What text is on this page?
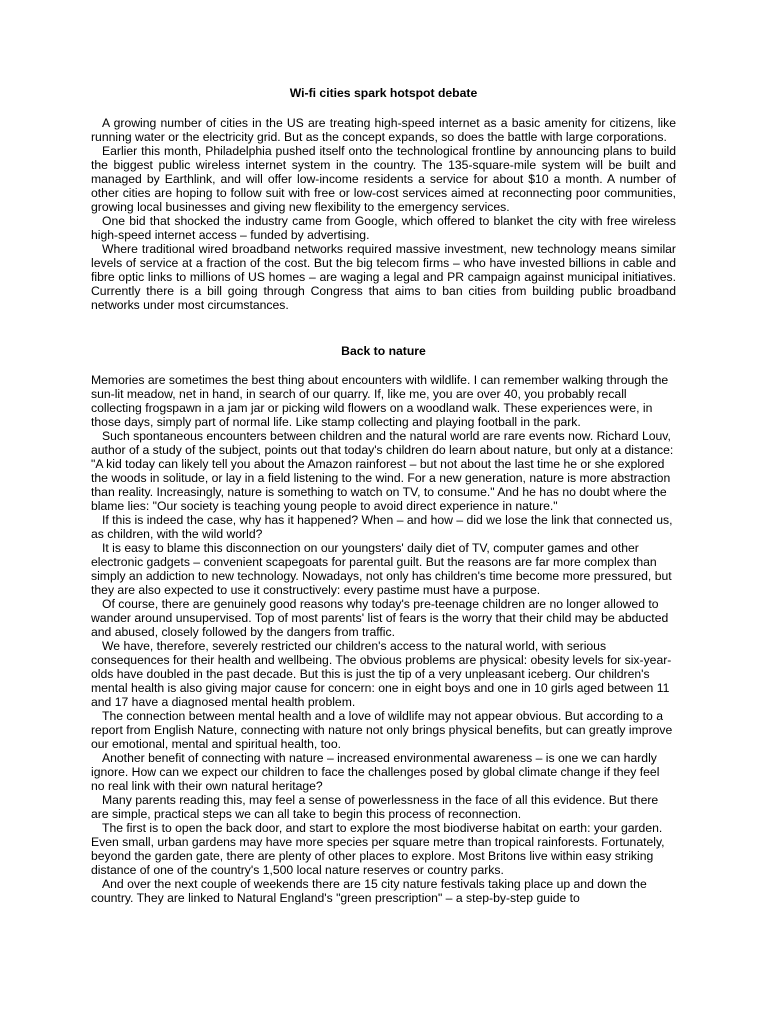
Wi-fi cities spark hotspot debate

A growing number of cities in the US are treating high-speed internet as a basic amenity for citizens, like running water or the electricity grid. But as the concept expands, so does the battle with large corporations.

Earlier this month, Philadelphia pushed itself onto the technological frontline by announcing plans to build the biggest public wireless internet system in the country. The 135-square-mile system will be built and managed by Earthlink, and will offer low-income residents a service for about $10 a month. A number of other cities are hoping to follow suit with free or low-cost services aimed at reconnecting poor communities, growing local businesses and giving new flexibility to the emergency services.

One bid that shocked the industry came from Google, which offered to blanket the city with free wireless high-speed internet access – funded by advertising.

Where traditional wired broadband networks required massive investment, new technology means similar levels of service at a fraction of the cost. But the big telecom firms – who have invested billions in cable and fibre optic links to millions of US homes – are waging a legal and PR campaign against municipal initiatives. Currently there is a bill going through Congress that aims to ban cities from building public broadband networks under most circumstances.

Back to nature

Memories are sometimes the best thing about encounters with wildlife. I can remember walking through the sun-lit meadow, net in hand, in search of our quarry. If, like me, you are over 40, you probably recall collecting frogspawn in a jam jar or picking wild flowers on a woodland walk. These experiences were, in those days, simply part of normal life. Like stamp collecting and playing football in the park.

Such spontaneous encounters between children and the natural world are rare events now. Richard Louv, author of a study of the subject, points out that today's children do learn about nature, but only at a distance: "A kid today can likely tell you about the Amazon rainforest – but not about the last time he or she explored the woods in solitude, or lay in a field listening to the wind. For a new generation, nature is more abstraction than reality. Increasingly, nature is something to watch on TV, to consume." And he has no doubt where the blame lies: "Our society is teaching young people to avoid direct experience in nature."

If this is indeed the case, why has it happened? When – and how – did we lose the link that connected us, as children, with the wild world?

It is easy to blame this disconnection on our youngsters' daily diet of TV, computer games and other electronic gadgets – convenient scapegoats for parental guilt. But the reasons are far more complex than simply an addiction to new technology. Nowadays, not only has children's time become more pressured, but they are also expected to use it constructively: every pastime must have a purpose.

Of course, there are genuinely good reasons why today's pre-teenage children are no longer allowed to wander around unsupervised. Top of most parents' list of fears is the worry that their child may be abducted and abused, closely followed by the dangers from traffic.

We have, therefore, severely restricted our children's access to the natural world, with serious consequences for their health and wellbeing. The obvious problems are physical: obesity levels for six-year-olds have doubled in the past decade. But this is just the tip of a very unpleasant iceberg. Our children's mental health is also giving major cause for concern: one in eight boys and one in 10 girls aged between 11 and 17 have a diagnosed mental health problem.

The connection between mental health and a love of wildlife may not appear obvious. But according to a report from English Nature, connecting with nature not only brings physical benefits, but can greatly improve our emotional, mental and spiritual health, too.

Another benefit of connecting with nature – increased environmental awareness – is one we can hardly ignore. How can we expect our children to face the challenges posed by global climate change if they feel no real link with their own natural heritage?

Many parents reading this, may feel a sense of powerlessness in the face of all this evidence. But there are simple, practical steps we can all take to begin this process of reconnection.

The first is to open the back door, and start to explore the most biodiverse habitat on earth: your garden. Even small, urban gardens may have more species per square metre than tropical rainforests. Fortunately, beyond the garden gate, there are plenty of other places to explore. Most Britons live within easy striking distance of one of the country's 1,500 local nature reserves or country parks.

And over the next couple of weekends there are 15 city nature festivals taking place up and down the country. They are linked to Natural England's "green prescription" – a step-by-step guide to
